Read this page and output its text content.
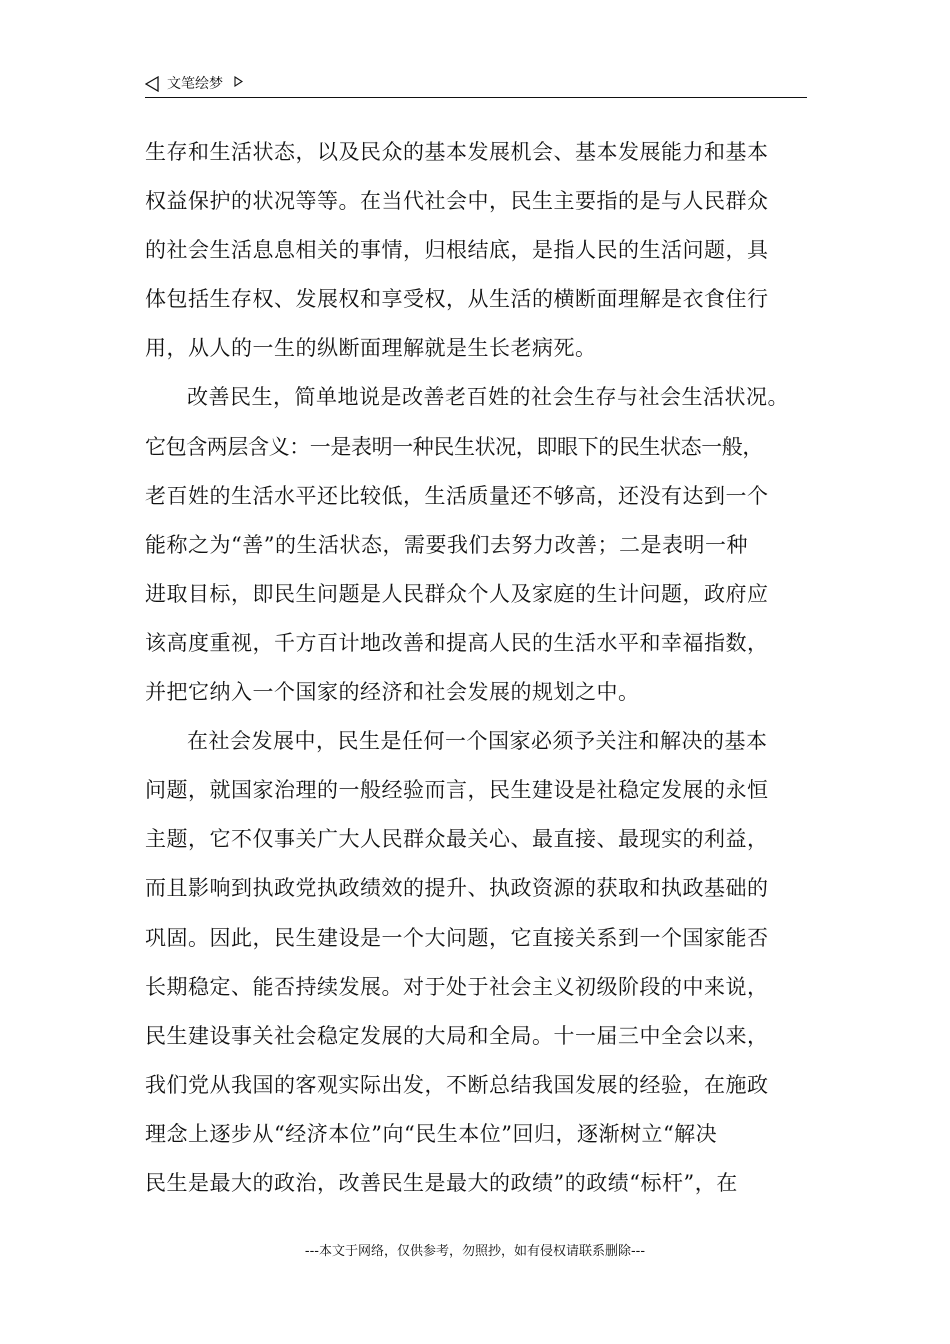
文笔绘梦
生存和生活状态，以及民众的基本发展机会、基本发展能力和基本
权益保护的状况等等。在当代社会中，民生主要指的是与人民群众
的社会生活息息相关的事情，归根结底，是指人民的生活问题，具
体包括生存权、发展权和享受权，从生活的横断面理解是衣食住行
用，从人的一生的纵断面理解就是生长老病死。
改善民生，简单地说是改善老百姓的社会生存与社会生活状况。
它包含两层含义：一是表明一种民生状况，即眼下的民生状态一般，
老百姓的生活水平还比较低，生活质量还不够高，还没有达到一个
能称之为“善”的生活状态，需要我们去努力改善；二是表明一种
进取目标，即民生问题是人民群众个人及家庭的生计问题，政府应
该高度重视，千方百计地改善和提高人民的生活水平和幸福指数，
并把它纳入一个国家的经济和社会发展的规划之中。
在社会发展中，民生是任何一个国家必须予关注和解决的基本
问题，就国家治理的一般经验而言，民生建设是社稳定发展的永恒
主题，它不仅事关广大人民群众最关心、最直接、最现实的利益，
而且影响到执政党执政绩效的提升、执政资源的获取和执政基础的
巩固。因此，民生建设是一个大问题，它直接关系到一个国家能否
长期稳定、能否持续发展。对于处于社会主义初级阶段的中来说，
民生建设事关社会稳定发展的大局和全局。十一届三中全会以来，
我们党从我国的客观实际出发，不断总结我国发展的经验，在施政
理念上逐步从“经济本位”向“民生本位”回归，逐渐树立“解决
民生是最大的政治，改善民生是最大的政绩”的政绩“标杆”，在
---本文于网络，仅供参考，勿照抄，如有侵权请联系删除---
